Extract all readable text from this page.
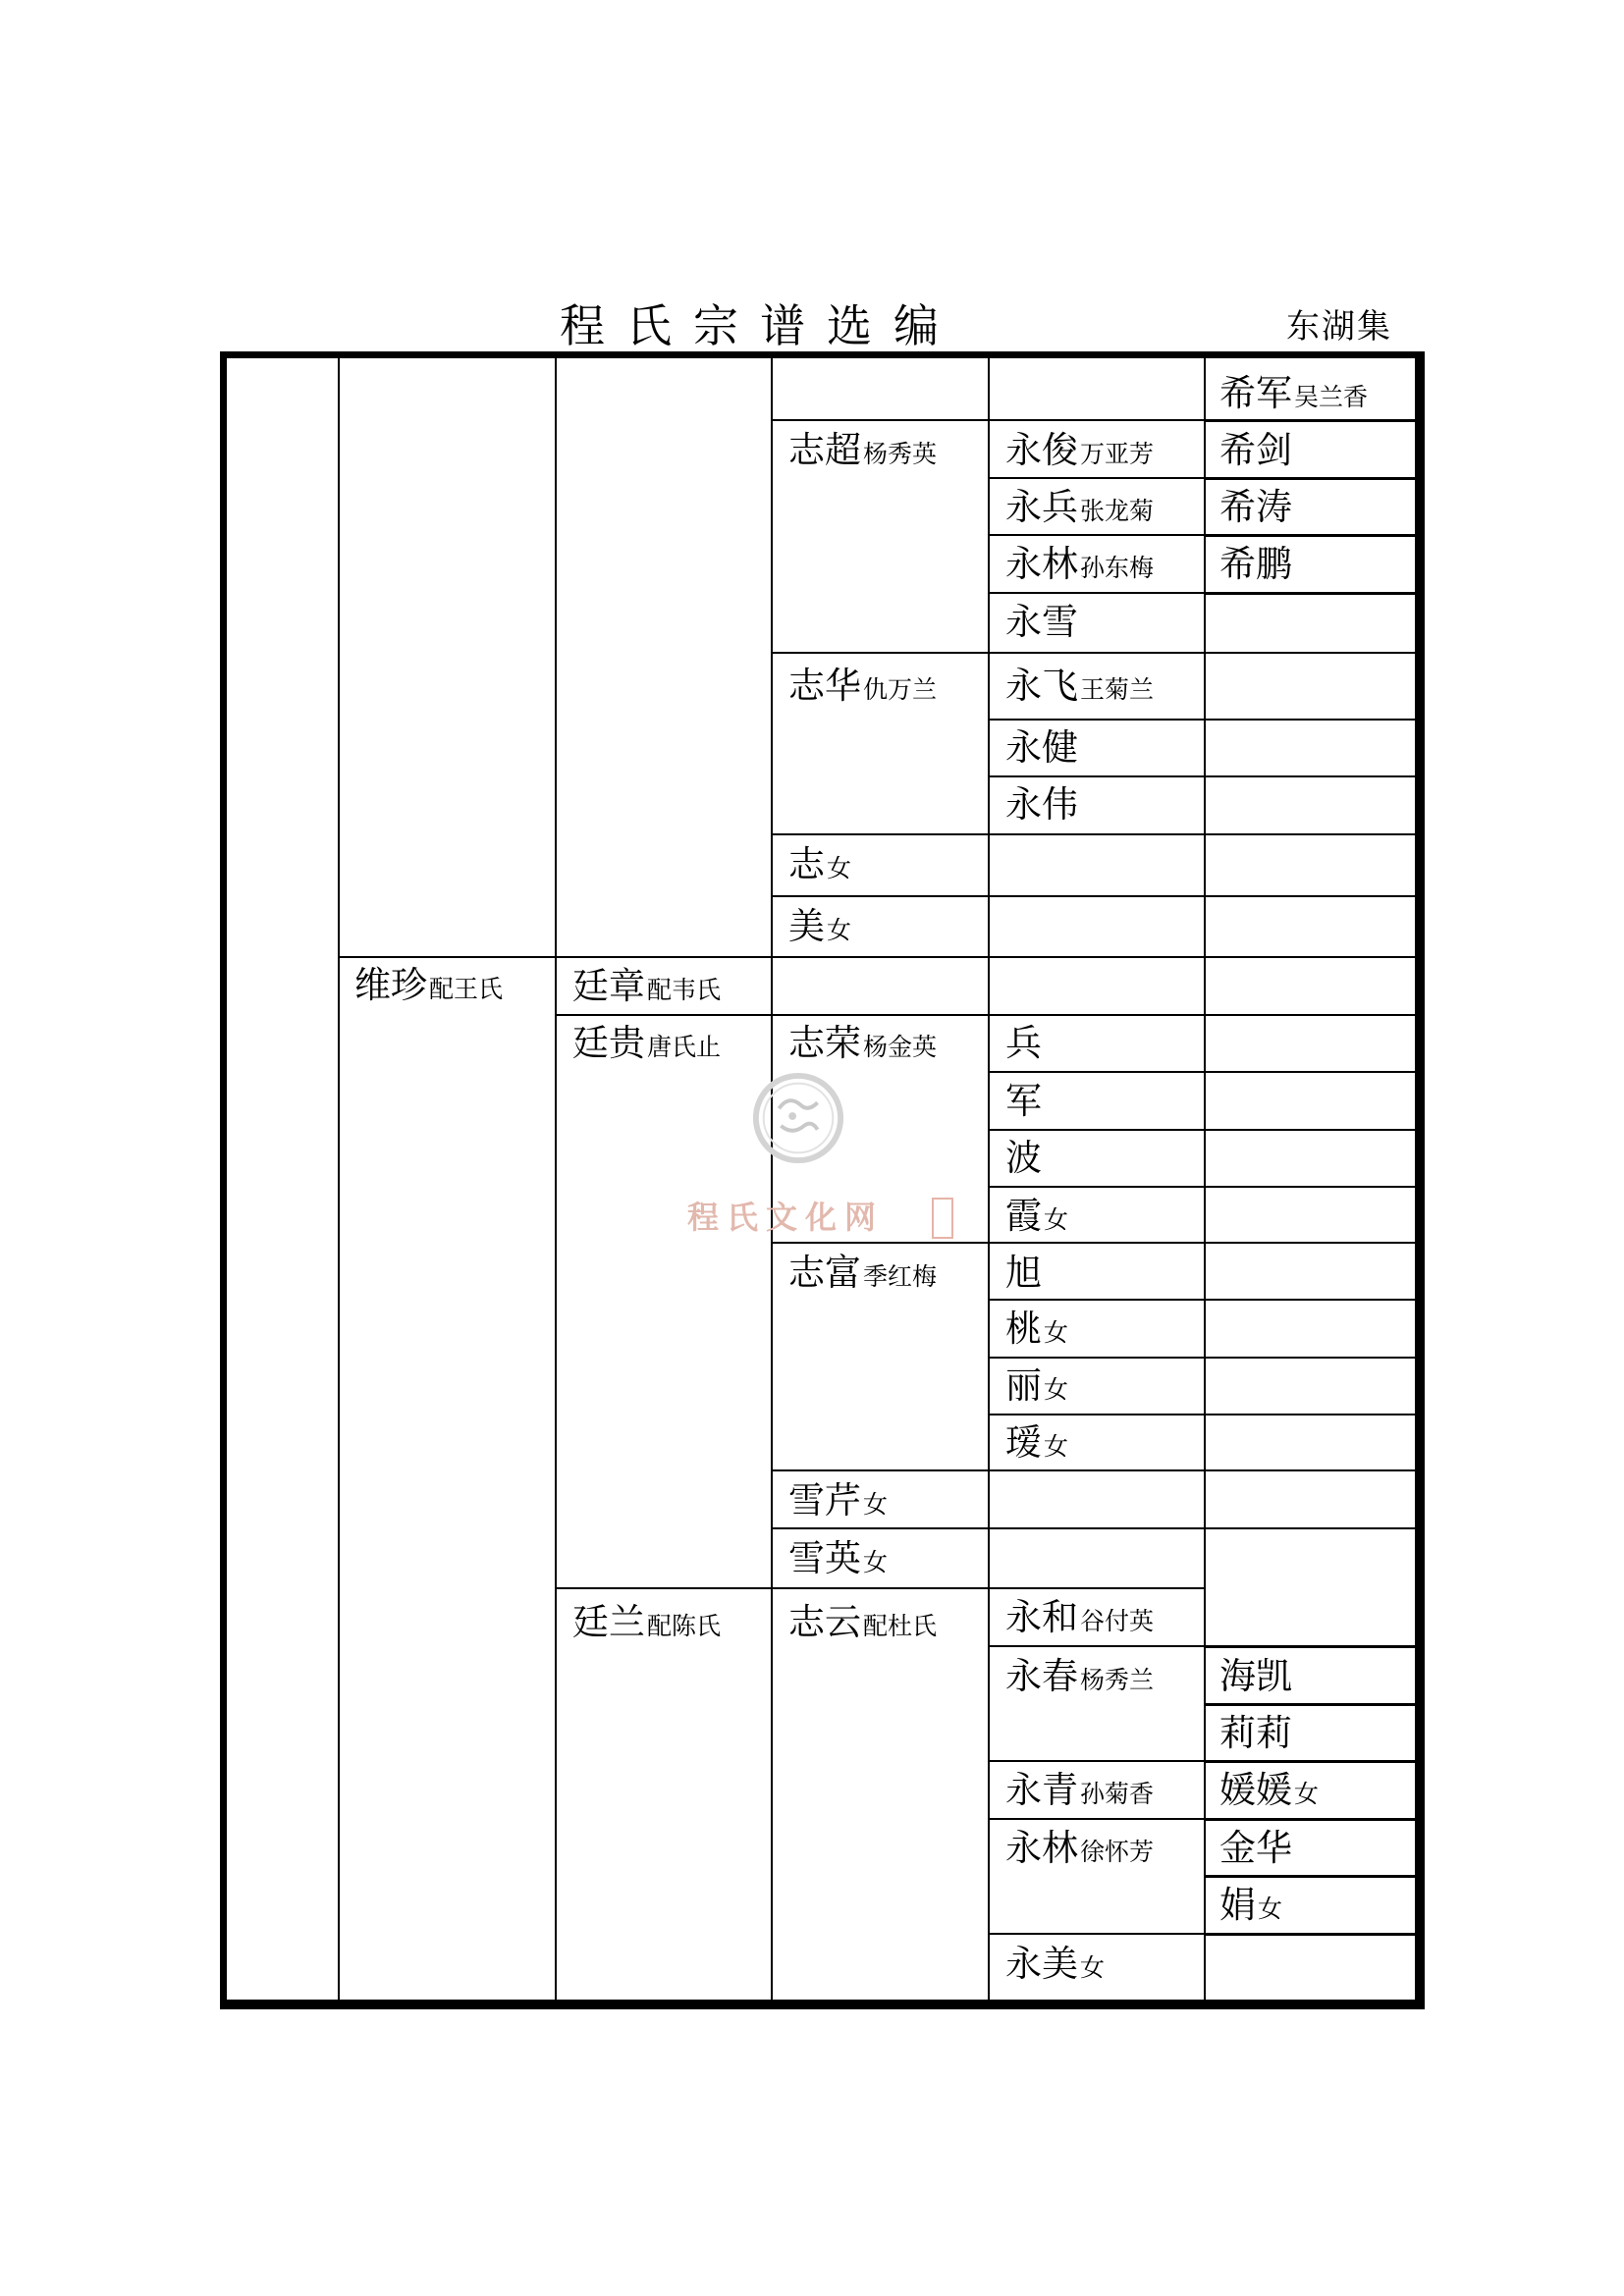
程氏宗谱选编	东湖集
维珍配王氏 廷章配韦氏
廷贵唐氏止
廷兰配陈氏
志超杨秀英
志华仇万兰
志女
美女
志荣杨金英
志富季红梅
雪芹女
雪英女
志云配杜氏
永俊万亚芳
永兵张龙菊
永林孙东梅
永雪
永飞王菊兰
永健
永伟
兵
军
波
霞女
旭
桃女
丽女
瑷女
永和谷付英
永春杨秀兰
永青孙菊香
永林徐怀芳
永美女
希军吴兰香
希剑
希涛
希鹏
海凯
莉莉
媛媛女
金华
娟女
程氏文化网
